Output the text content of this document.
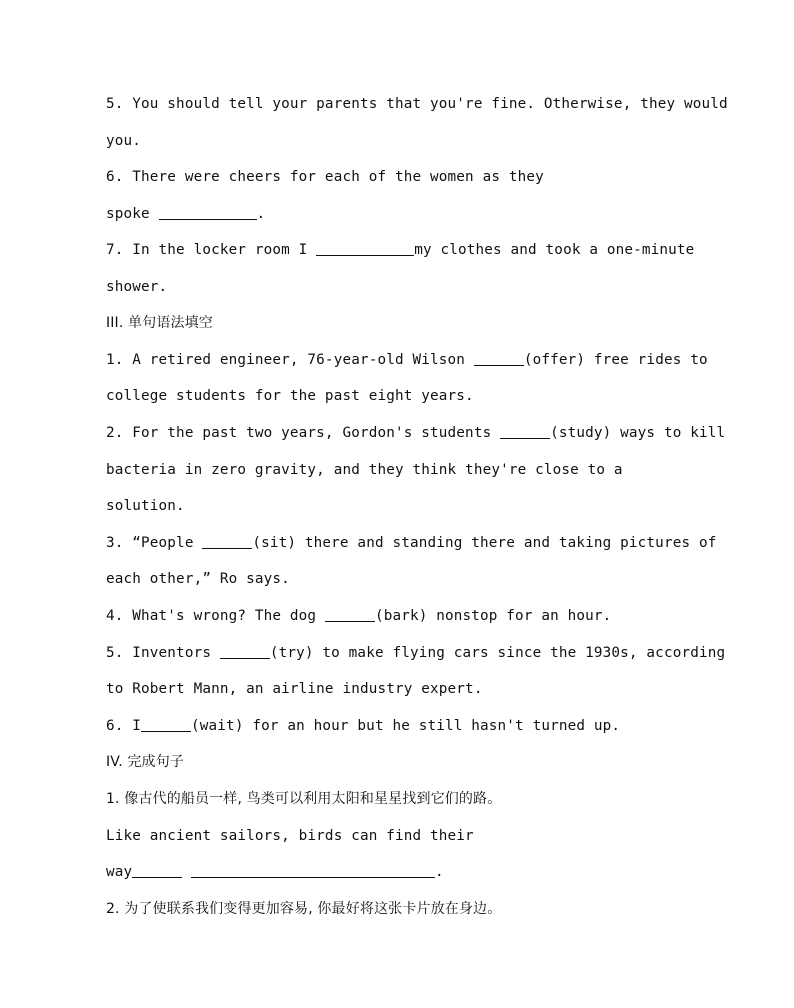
5. You should tell your parents that you're fine. Otherwise, they would
you.
6. There were cheers for each of the women as they
spoke	.
7. In the locker room I	my clothes and took a one-minute
shower.
III. 单句语法填空
1. A retired engineer, 76-year-old Wilson	(offer) free rides to
college students for the past eight years.
2. For the past two years, Gordon's students	(study) ways to kill
bacteria in zero gravity, and they think they're close to a
solution.
3. “People	(sit) there and standing there and taking pictures of
each other,” Ro says.
4. What's wrong? The dog	(bark) nonstop for an hour.
5. Inventors	(try) to make flying cars since the 1930s, according
to Robert Mann, an airline industry expert.
6. I	(wait) for an hour but he still hasn't turned up.
IV. 完成句子
1. 像古代的船员一样, 鸟类可以利用太阳和星星找到它们的路。
Like ancient sailors, birds can find their
way	.
2. 为了使联系我们变得更加容易, 你最好将这张卡片放在身边。
